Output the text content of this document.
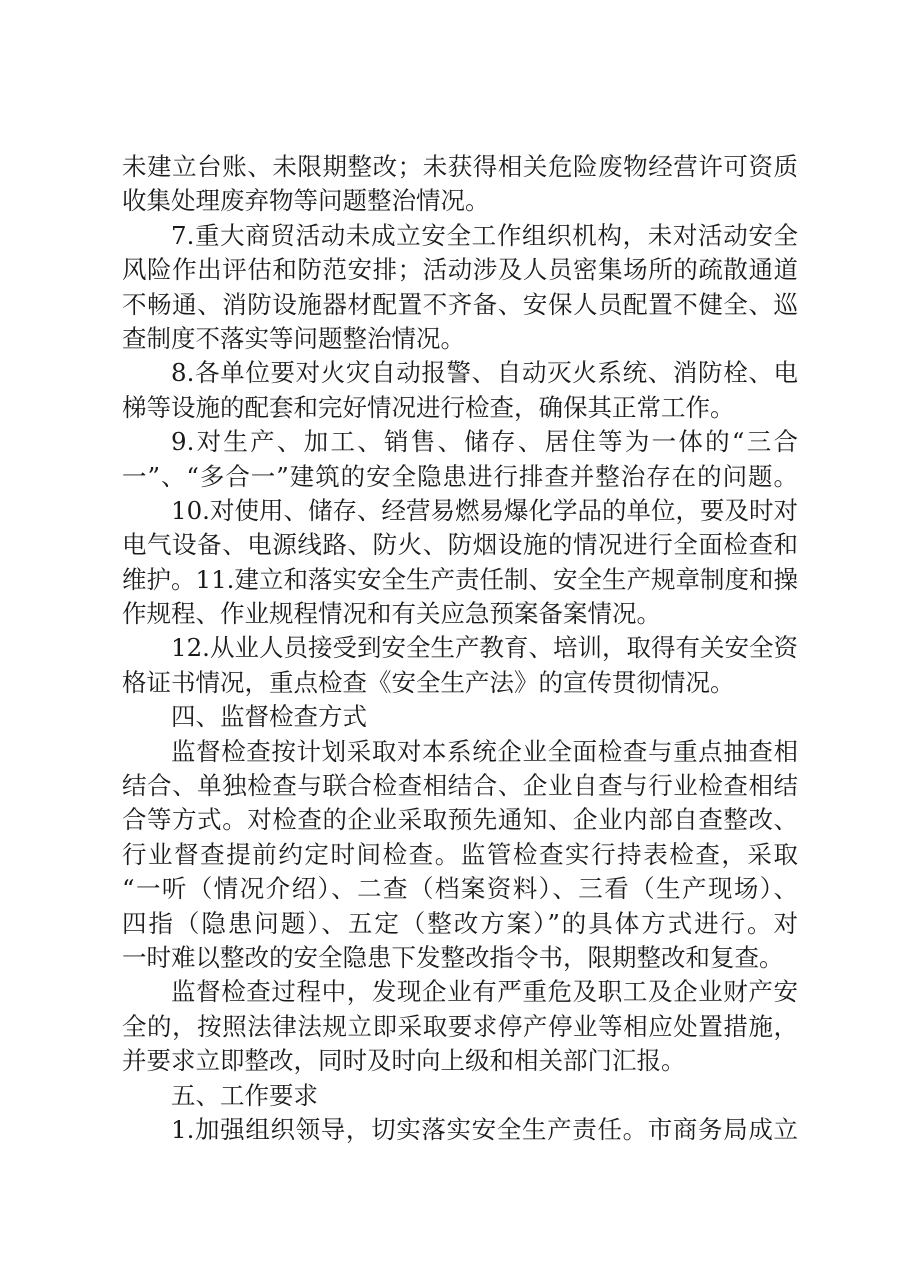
未建立台账、未限期整改；未获得相关危险废物经营许可资质
收集处理废弃物等问题整治情况。
7.重大商贸活动未成立安全工作组织机构，未对活动安全
风险作出评估和防范安排；活动涉及人员密集场所的疏散通道
不畅通、消防设施器材配置不齐备、安保人员配置不健全、巡
查制度不落实等问题整治情况。
8.各单位要对火灾自动报警、自动灭火系统、消防栓、电
梯等设施的配套和完好情况进行检查，确保其正常工作。
9.对生产、加工、销售、储存、居住等为一体的“三合
一”、“多合一”建筑的安全隐患进行排查并整治存在的问题。
10.对使用、储存、经营易燃易爆化学品的单位，要及时对
电气设备、电源线路、防火、防烟设施的情况进行全面检查和
维护。11.建立和落实安全生产责任制、安全生产规章制度和操
作规程、作业规程情况和有关应急预案备案情况。
12.从业人员接受到安全生产教育、培训，取得有关安全资
格证书情况，重点检查《安全生产法》的宣传贯彻情况。
四、监督检查方式
监督检查按计划采取对本系统企业全面检查与重点抽查相
结合、单独检查与联合检查相结合、企业自查与行业检查相结
合等方式。对检查的企业采取预先通知、企业内部自查整改、
行业督查提前约定时间检查。监管检查实行持表检查，采取
“一听（情况介绍）、二查（档案资料）、三看（生产现场）、
四指（隐患问题）、五定（整改方案）”的具体方式进行。对
一时难以整改的安全隐患下发整改指令书，限期整改和复查。
监督检查过程中，发现企业有严重危及职工及企业财产安
全的，按照法律法规立即采取要求停产停业等相应处置措施，
并要求立即整改，同时及时向上级和相关部门汇报。
五、工作要求
1.加强组织领导，切实落实安全生产责任。市商务局成立
